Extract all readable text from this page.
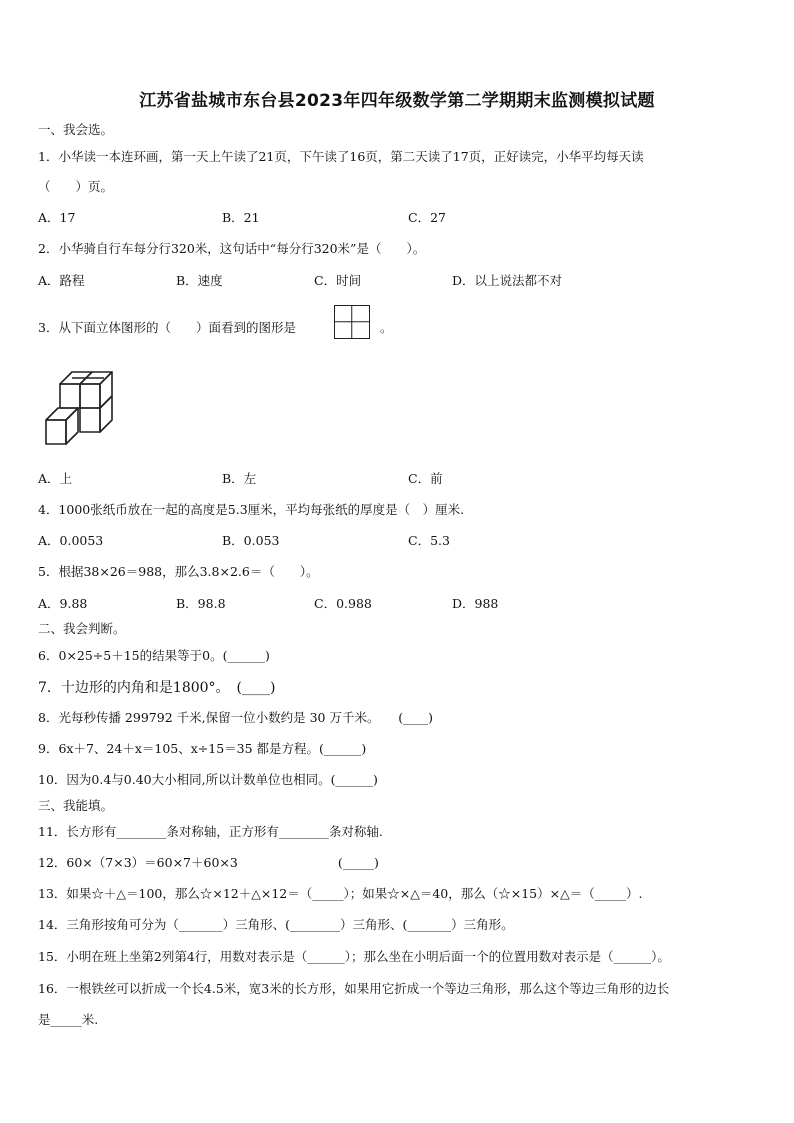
江苏省盐城市东台县2023年四年级数学第二学期期末监测模拟试题
一、我会选。
1．小华读一本连环画，第一天上午读了21页，下午读了16页，第二天读了17页，正好读完，小华平均每天读
（　　）页。
A．17	B．21	C．27
2．小华骑自行车每分行320米，这句话中“每分行320米”是（　　）。
A．路程	B．速度	C．时间	D．以上说法都不对
3．从下面立体图形的（　　）面看到的图形是	。
A．上	B．左	C．前
4．1000张纸币放在一起的高度是5.3厘米，平均每张纸的厚度是（　）厘米.
A．0.0053	B．0.053	C．5.3
5．根据38×26＝988，那么3.8×2.6＝（　　）。
A．9.88	B．98.8	C．0.988	D．988
二、我会判断。
6．0×25÷5＋15的结果等于0。(______)
7．十边形的内角和是1800°。　(____)
8．光每秒传播 299792 千米,保留一位小数约是 30 万千米。　　(____)
9．6x＋7、24＋x＝105、x÷15＝35 都是方程。(______)
10．因为0.4与0.40大小相同,所以计数单位也相同。(______)
三、我能填。
11．长方形有________条对称轴，正方形有________条对称轴.
12．60×（7×3）＝60×7＋60×3　　　　　　　　(_____)
13．如果☆＋△＝100，那么☆×12＋△×12＝（_____）；如果☆×△＝40，那么（☆×15）×△＝（_____）.
14．三角形按角可分为（_______）三角形、(________）三角形、(_______）三角形。
15．小明在班上坐第2列第4行，用数对表示是（______）；那么坐在小明后面一个的位置用数对表示是（______）。
16．一根铁丝可以折成一个长4.5米，宽3米的长方形，如果用它折成一个等边三角形，那么这个等边三角形的边长
是_____米.
